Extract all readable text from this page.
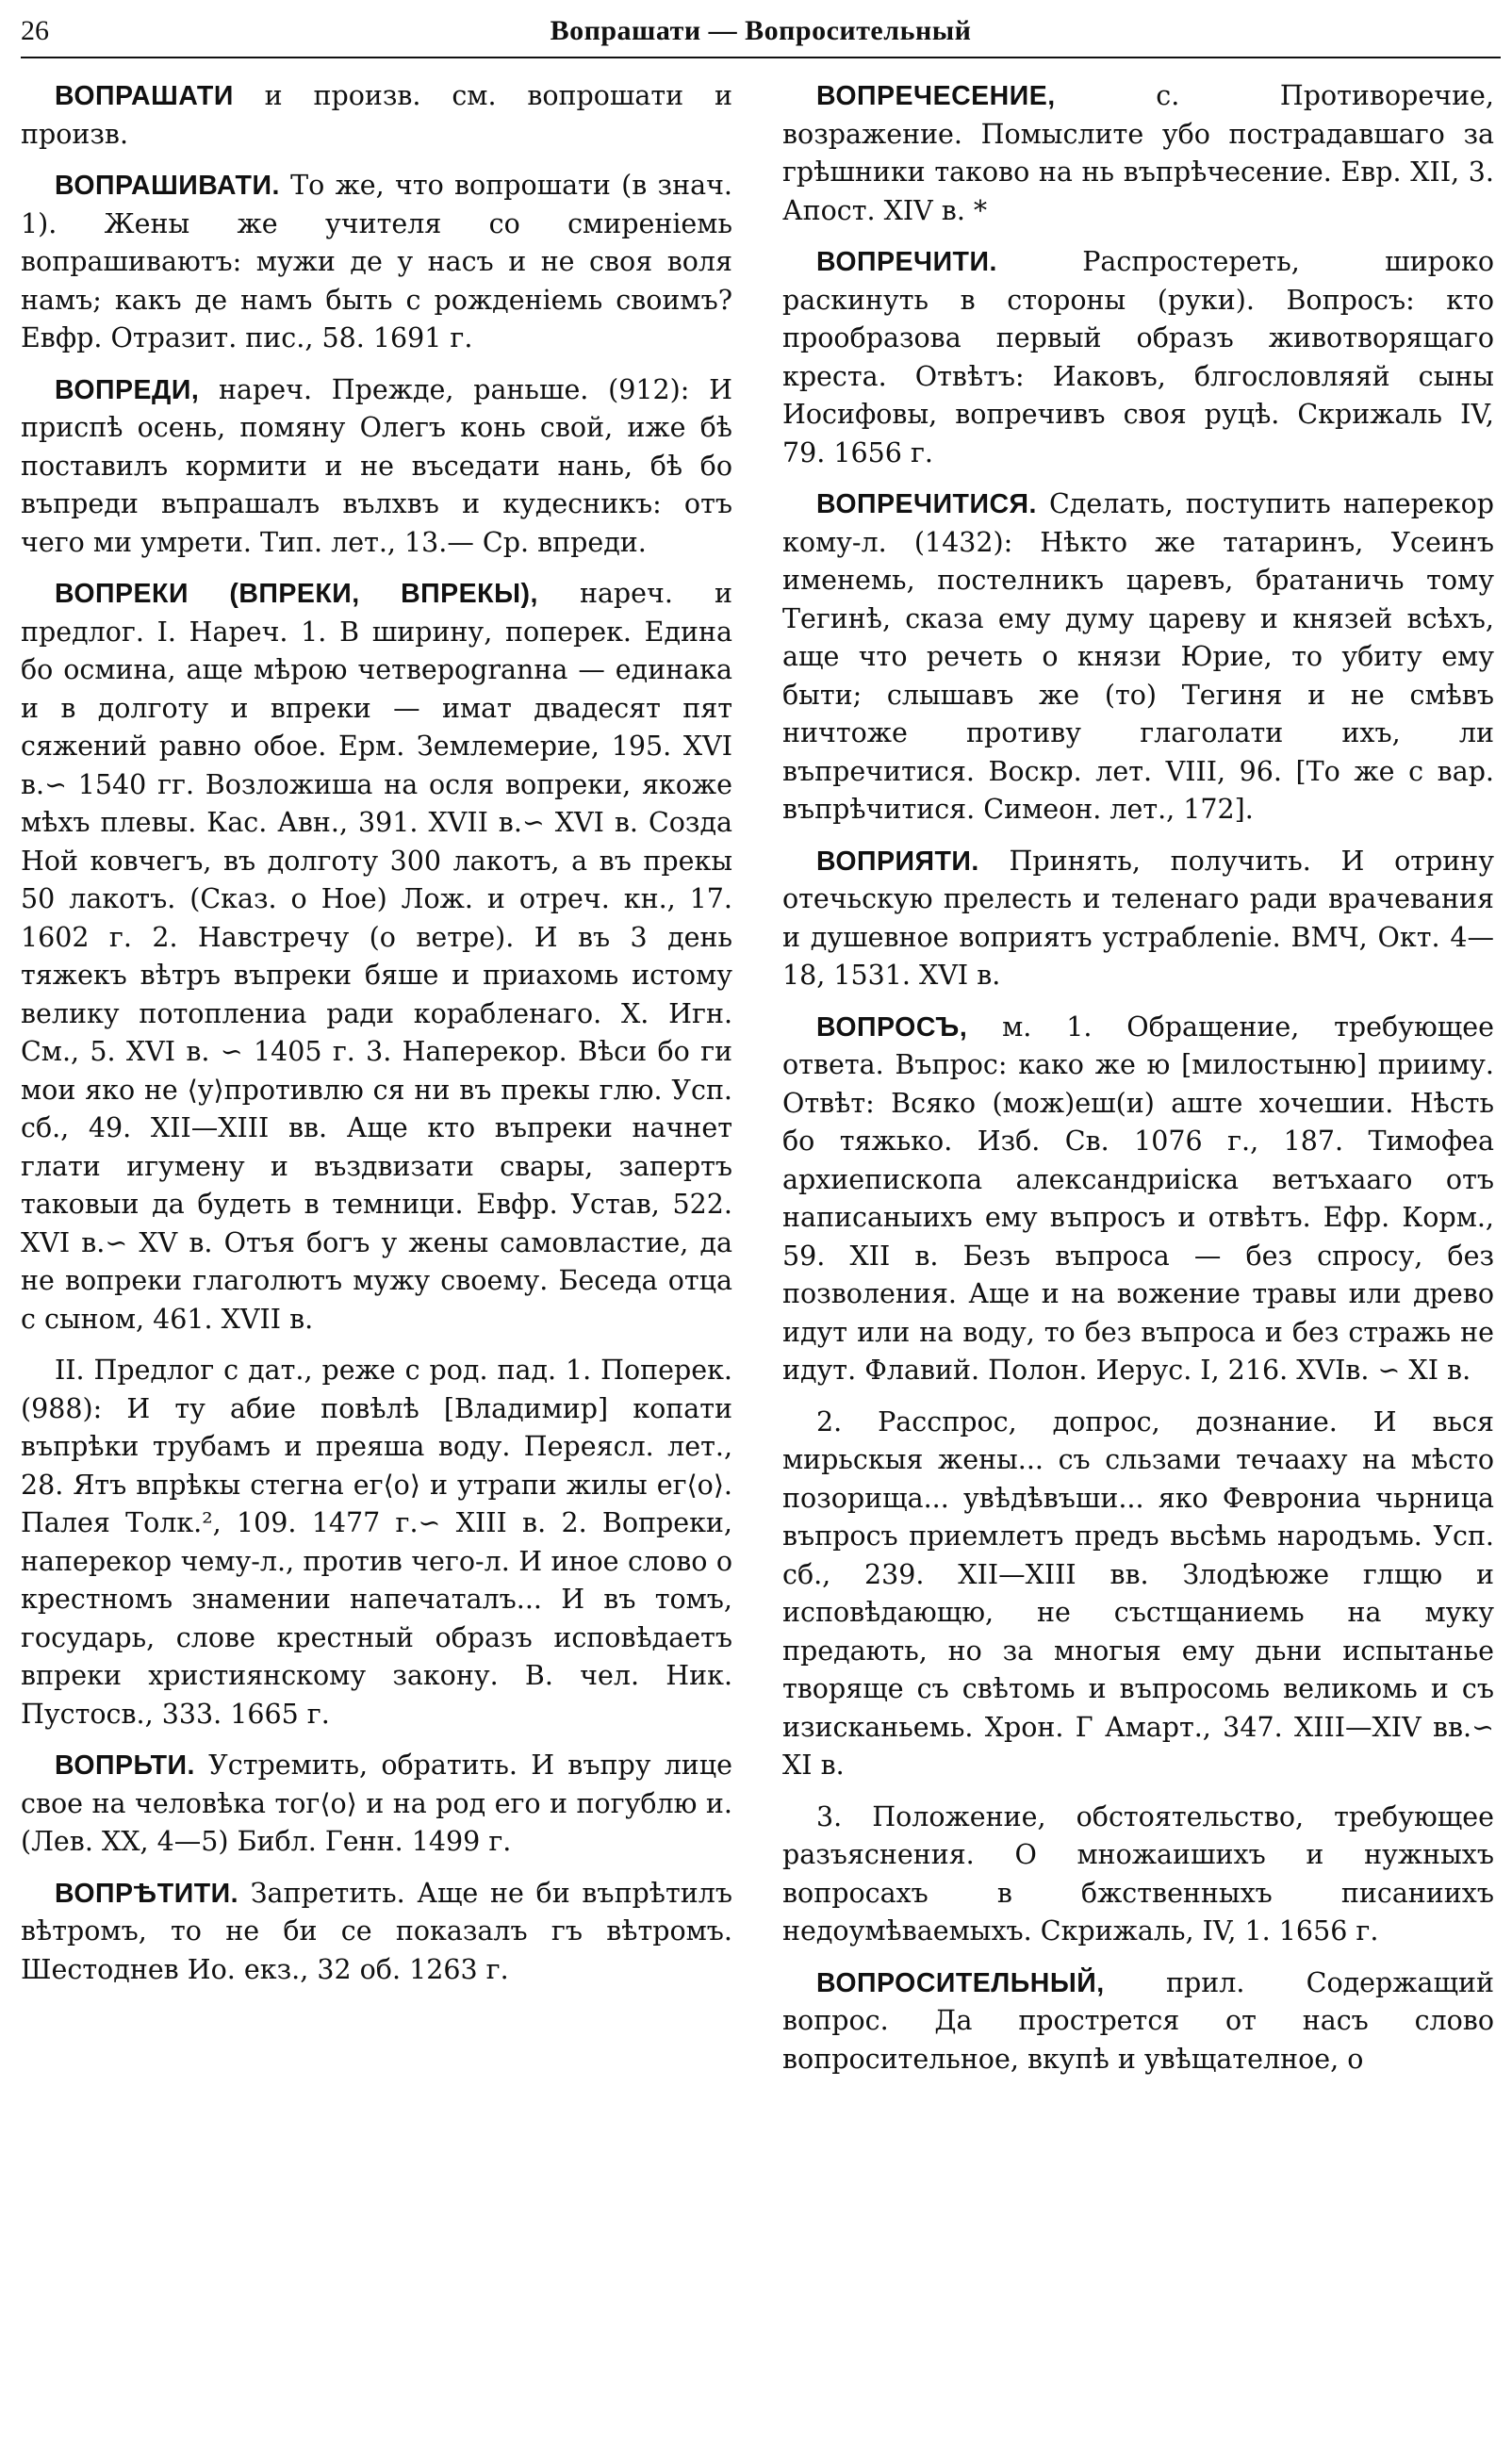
26	Вопрашати — Вопросительный

ВОПРАШАТИ и произв. см. вопрошати и произв.

ВОПРАШИВАТИ. То же, что вопрошати (в знач. 1). Жены же учителя со смиреніемь вопрашиваютъ: мужи де у насъ и не своя воля намъ; какъ де намъ быть с рожденіемь своимъ? Евфр. Отразит. пис., 58. 1691 г.

ВОПРЕДИ, нареч. Прежде, раньше. (912): И приспѣ осень, помяну Олегъ конь свой, иже бѣ поставилъ кормити и не въседати нань, бѣ бо въпреди въпрашалъ вълхвъ и кудесникъ: отъ чего ми умрети. Тип. лет., 13.— Ср. впреди.

ВОПРЕКИ (ВПРЕКИ, ВПРЕКЫ), нареч. и предлог. I. Нареч. 1. В ширину, поперек. Едина бо осмина, аще мѣрою четвероgranна — единака и в долготу и впреки — имат двадесят пят сяжений равно обое. Ерм. Землемерие, 195. XVI в.∽ 1540 гг. Возложиша на осля вопреки, якоже мѣхъ плевы. Кас. Авн., 391. XVII в.∽ XVI в. Созда Ной ковчегъ, въ долготу 300 лакотъ, а въ прекы 50 лакотъ. (Сказ. о Ное) Лож. и отреч. кн., 17. 1602 г. 2. Навстречу (о ветре). И въ 3 день тяжекъ вѣтръ въпреки бяше и приахомь истому велику потоплениа ради корабленаго. Х. Игн. См., 5. XVI в. ∽ 1405 г. 3. Наперекор. Вѣси бо ги мои яко не ⟨у⟩противлю ся ни въ прекы глю. Усп. сб., 49. XII—XIII вв. Аще кто въпреки начнет глати игумену и въздвизати свары, запертъ таковыи да будеть в темници. Евфр. Устав, 522. XVI в.∽ XV в. Отъя богъ у жены самовластие, да не вопреки глаголютъ мужу своему. Беседа отца с сыном, 461. XVII в.

II. Предлог с дат., реже с род. пад. 1. Поперек. (988): И ту абие повѣлѣ [Владимир] копати въпрѣки трубамъ и преяша воду. Переясл. лет., 28. Ятъ впрѣкы стегна ег⟨о⟩ и утрапи жилы ег⟨о⟩. Палея Толк.², 109. 1477 г.∽ XIII в. 2. Вопреки, наперекор чему-л., против чего-л. И иное слово о крестномъ знамении напечаталъ... И въ томъ, государь, слове крестный образъ исповѣдаетъ впреки християнскому закону. В. чел. Ник. Пустосв., 333. 1665 г.

ВОПРЬТИ. Устремить, обратить. И въпру лице свое на человѣка тог⟨о⟩ и на род его и погублю и. (Лев. XX, 4—5) Библ. Генн. 1499 г.

ВОПРѢТИТИ. Запретить. Аще не би въпрѣтилъ вѣтромъ, то не би се показалъ гъ вѣтромъ. Шестоднев Ио. екз., 32 об. 1263 г.

ВОПРЕЧЕСЕНИЕ, с. Противоречие, возражение. Помыслите убо пострадавшаго за грѣшники таково на нь въпрѣчесение. Евр. XII, 3. Апост. XIV в. *

ВОПРЕЧИТИ. Распростереть, широко раскинуть в стороны (руки). Вопросъ: кто прообразова первый образъ животворящаго креста. Отвѣтъ: Иаковъ, блгословляяй сыны Иосифовы, вопречивъ своя руцѣ. Скрижаль IV, 79. 1656 г.

ВОПРЕЧИТИСЯ. Сделать, поступить наперекор кому-л. (1432): Нѣкто же татаринъ, Усеинъ именемь, постелникъ царевъ, братаничь тому Тегинѣ, сказа ему думу цареву и князей всѣхъ, аще что речеть о князи Юрие, то убиту ему быти; слышавъ же (то) Тегиня и не смѣвъ ничтоже противу глаголати ихъ, ли въпречитися. Воскр. лет. VIII, 96. [То же с вар. въпрѣчитися. Симеон. лет., 172].

ВОПРИЯТИ. Принять, получить. И отрину отечьскую прелесть и теленаго ради врачевания и душевное воприятъ устраблеnie. ВМЧ, Окт. 4—18, 1531. XVI в.

ВОПРОСЪ, м. 1. Обращение, требующее ответа. Въпрос: како же ю [милостыню] прииму. Отвѣт: Всяко (мож)еш(и) аште хочешии. Нѣсть бо тяжько. Изб. Св. 1076 г., 187. Тимофеа архиепископа александриiска ветъхааго отъ написаныихъ ему въпросъ и отвѣтъ. Ефр. Корм., 59. XII в. Безъ въпроса — без спросу, без позволения. Аще и на вожение травы или древо идут или на воду, то без въпроса и без стражь не идут. Флавий. Полон. Иерус. I, 216. XVIв. ∽ XI в.

2. Расспрос, допрос, дознание. И вься мирьскыя жены... съ сльзами течааху на мѣсто позорища... увѣдѣвъши... яко Феврониа чьрница въпросъ приемлетъ предъ вьсѣмь народъмь. Усп. сб., 239. XII—XIII вв. Злодѣюже глщю и исповѣдающю, не състщаниемь на муку предають, но за многыя ему дьни испытанье творяще съ свѣтомь и въпросомь великомь и съ изисканьемь. Хрон. Г Амарт., 347. XIII—XIV вв.∽ XI в.

3. Положение, обстоятельство, требующее разъяснения. О множаишихъ и нужныхъ вопросахъ в бжственныхъ писанииxъ недоумѣваемыхъ. Скрижаль, IV, 1. 1656 г.

ВОПРОСИТЕЛЬНЫЙ, прил. Содержащий вопрос. Да прострется от насъ слово вопросительное, вкупѣ и увѣщателное, о
